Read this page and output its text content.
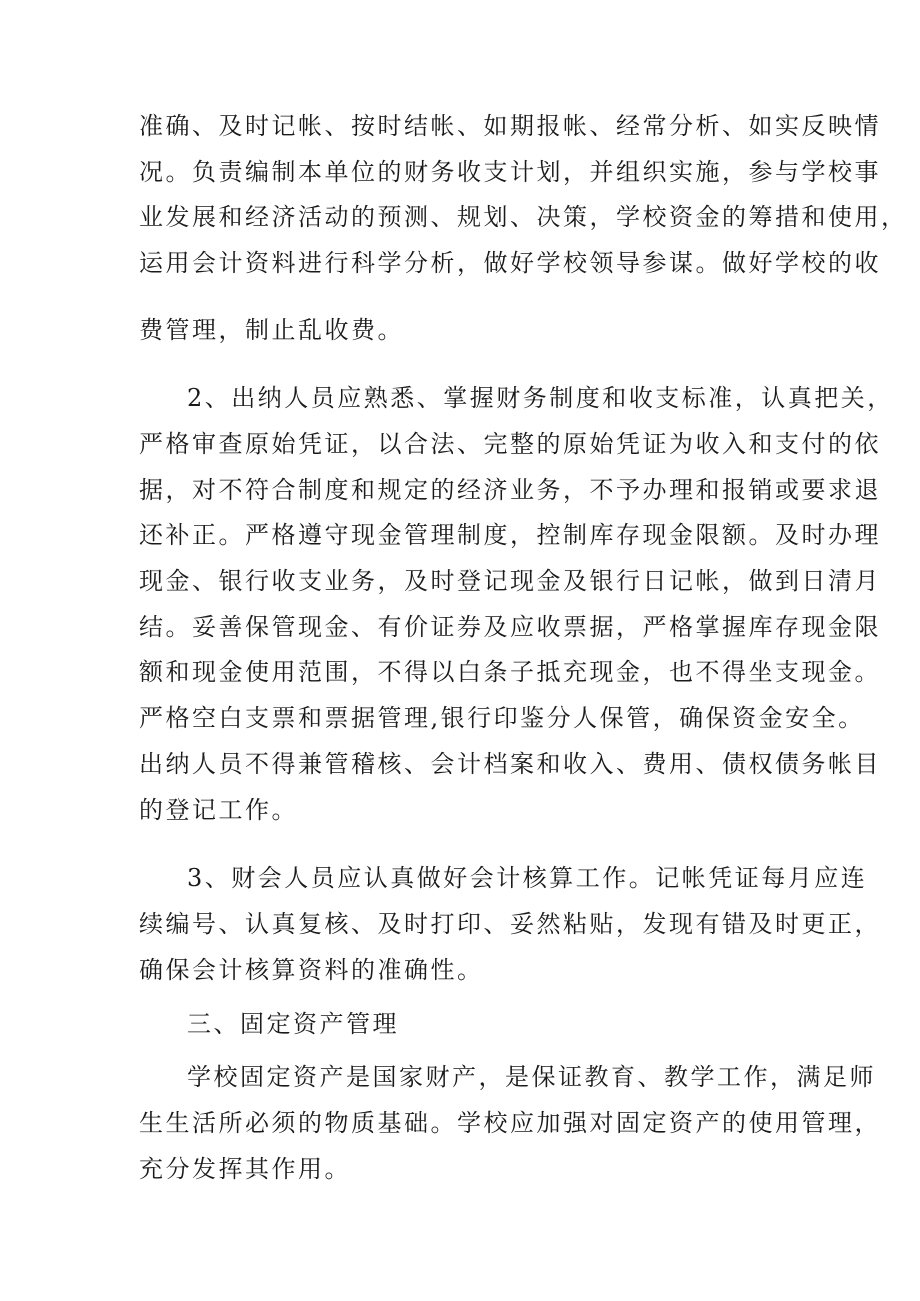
准确、及时记帐、按时结帐、如期报帐、经常分析、如实反映情
况。负责编制本单位的财务收支计划，并组织实施，参与学校事
业发展和经济活动的预测、规划、决策，学校资金的筹措和使用，
运用会计资料进行科学分析，做好学校领导参谋。做好学校的收
费管理，制止乱收费。
2、出纳人员应熟悉、掌握财务制度和收支标准，认真把关，
严格审查原始凭证，以合法、完整的原始凭证为收入和支付的依
据，对不符合制度和规定的经济业务，不予办理和报销或要求退
还补正。严格遵守现金管理制度，控制库存现金限额。及时办理
现金、银行收支业务，及时登记现金及银行日记帐，做到日清月
结。妥善保管现金、有价证券及应收票据，严格掌握库存现金限
额和现金使用范围，不得以白条子抵充现金，也不得坐支现金。
严格空白支票和票据管理,银行印鉴分人保管，确保资金安全。
出纳人员不得兼管稽核、会计档案和收入、费用、债权债务帐目
的登记工作。
3、财会人员应认真做好会计核算工作。记帐凭证每月应连
续编号、认真复核、及时打印、妥然粘贴，发现有错及时更正，
确保会计核算资料的准确性。
三、固定资产管理
学校固定资产是国家财产，是保证教育、教学工作，满足师
生生活所必须的物质基础。学校应加强对固定资产的使用管理，
充分发挥其作用。
